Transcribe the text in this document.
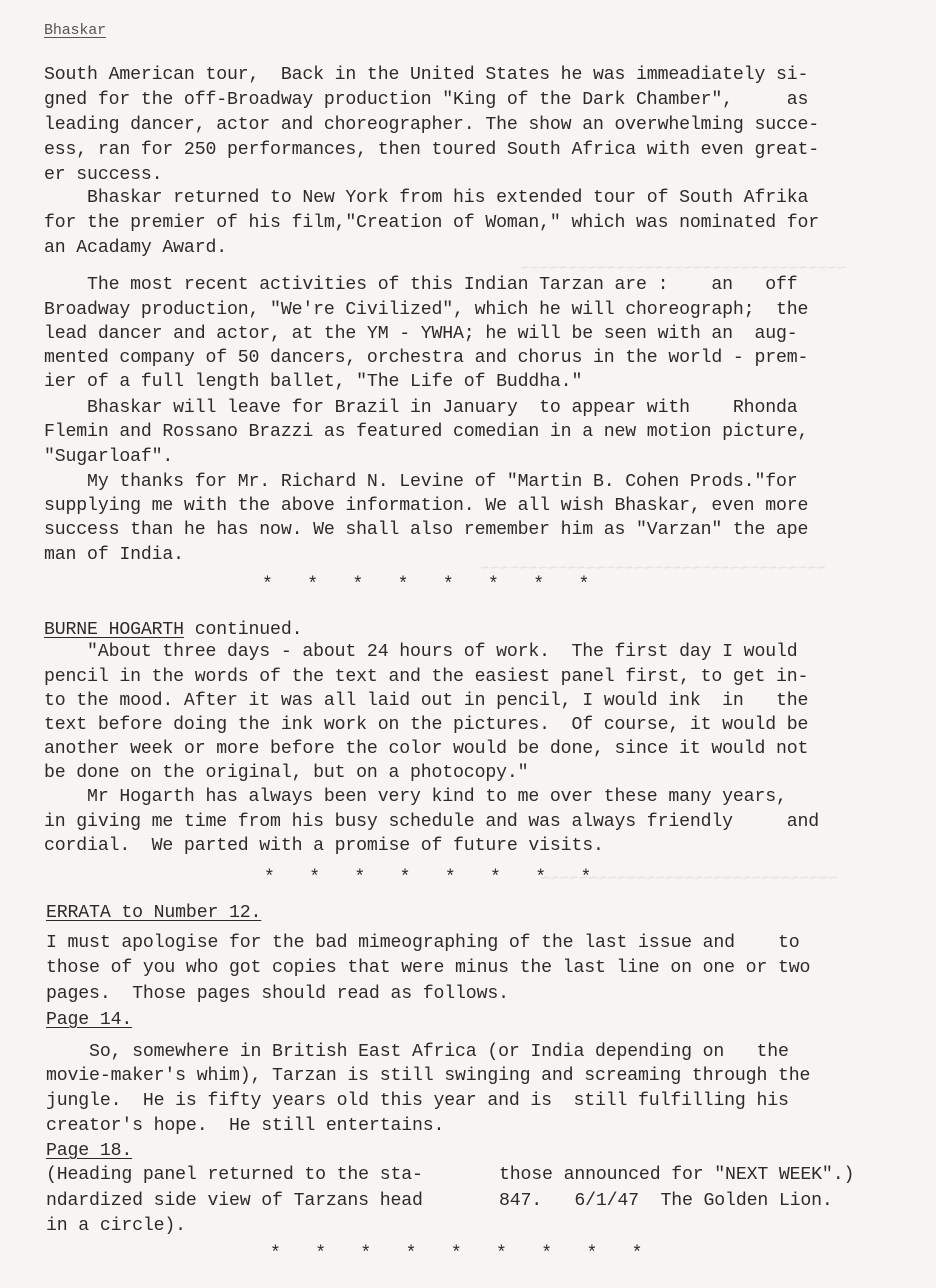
~~~~~~~~~~~~~~~~~~~~~~~~~~~~~~~~~~
~~~~~~~~~~~~~~~~~~~~~~~~~~~~~~~~~~~~
~~~~~~~~~~~~~~~~~~~~~~~~~~~~~~~
Bhaskar
South American tour,  Back in the United States he was immeadiately si-
gned for the off-Broadway production "King of the Dark Chamber",     as
leading dancer, actor and choreographer. The show an overwhelming succe-
ess, ran for 250 performances, then toured South Africa with even great-
er success.
Bhaskar returned to New York from his extended tour of South Afrika
for the premier of his film,"Creation of Woman," which was nominated for
an Acadamy Award.
The most recent activities of this Indian Tarzan are :    an   off
Broadway production, "We're Civilized", which he will choreograph;  the
lead dancer and actor, at the YM - YWHA; he will be seen with an  aug-
mented company of 50 dancers, orchestra and chorus in the world - prem-
ier of a full length ballet, "The Life of Buddha."
Bhaskar will leave for Brazil in January  to appear with    Rhonda
Flemin and Rossano Brazzi as featured comedian in a new motion picture,
"Sugarloaf".
My thanks for Mr. Richard N. Levine of "Martin B. Cohen Prods."for
supplying me with the above information. We all wish Bhaskar, even more
success than he has now. We shall also remember him as "Varzan" the ape
man of India.
*   *   *   *   *   *   *   *
BURNE HOGARTH continued.
"About three days - about 24 hours of work.  The first day I would
pencil in the words of the text and the easiest panel first, to get in-
to the mood. After it was all laid out in pencil, I would ink  in   the
text before doing the ink work on the pictures.  Of course, it would be
another week or more before the color would be done, since it would not
be done on the original, but on a photocopy."
Mr Hogarth has always been very kind to me over these many years,
in giving me time from his busy schedule and was always friendly     and
cordial.  We parted with a promise of future visits.
*   *   *   *   *   *   *   *
ERRATA to Number 12.
I must apologise for the bad mimeographing of the last issue and    to
those of you who got copies that were minus the last line on one or two
pages.  Those pages should read as follows.
Page 14.
So, somewhere in British East Africa (or India depending on   the
movie-maker's whim), Tarzan is still swinging and screaming through the
jungle.  He is fifty years old this year and is  still fulfilling his
creator's hope.  He still entertains.
Page 18.
(Heading panel returned to the sta-
ndardized side view of Tarzans head
in a circle).
those announced for "NEXT WEEK".)
847.   6/1/47  The Golden Lion.
*   *   *   *   *   *   *   *   *
